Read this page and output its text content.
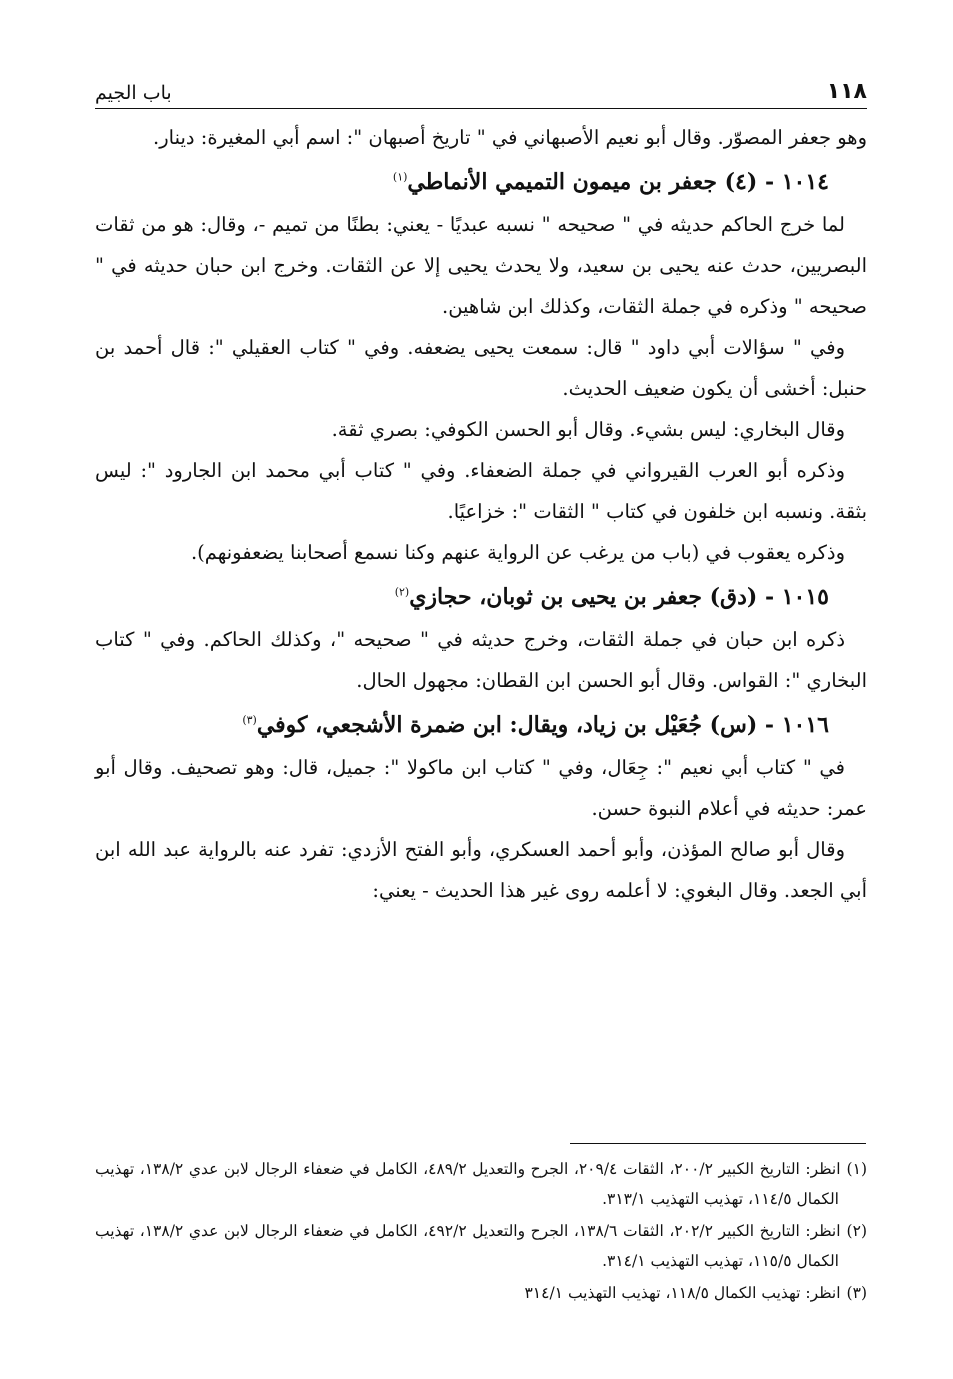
١١٨
باب الجيم

وهو جعفر المصوّر. وقال أبو نعيم الأصبهاني في " تاريخ أصبهان ": اسم أبي المغيرة: دينار.

١٠١٤ - (٤) جعفر بن ميمون التميمي الأنماطي$^{(١)}$

لما خرج الحاكم حديثه في " صحيحه " نسبه عبديًا - يعني: بطنًا من تميم -، وقال: هو من ثقات البصريين، حدث عنه يحيى بن سعيد، ولا يحدث يحيى إلا عن الثقات. وخرج ابن حبان حديثه في " صحيحه " وذكره في جملة الثقات، وكذلك ابن شاهين.

وفي " سؤالات أبي داود " قال: سمعت يحيى يضعفه. وفي " كتاب العقيلي ": قال أحمد بن حنبل: أخشى أن يكون ضعيف الحديث.

وقال البخاري: ليس بشيء. وقال أبو الحسن الكوفي: بصري ثقة.

وذكره أبو العرب القيرواني في جملة الضعفاء. وفي " كتاب أبي محمد ابن الجارود ": ليس بثقة. ونسبه ابن خلفون في كتاب " الثقات ": خزاعيًا.

وذكره يعقوب في (باب من يرغب عن الرواية عنهم وكنا نسمع أصحابنا يضعفونهم).

١٠١٥ - (دق) جعفر بن يحيى بن ثوبان، حجازي$^{(٢)}$

ذكره ابن حبان في جملة الثقات، وخرج حديثه في " صحيحه "، وكذلك الحاكم. وفي " كتاب البخاري ": القواس. وقال أبو الحسن ابن القطان: مجهول الحال.

١٠١٦ - (س) جُعَيْل بن زياد، ويقال: ابن ضمرة الأشجعي، كوفي$^{(٣)}$

في " كتاب أبي نعيم ": جِعَال، وفي " كتاب ابن ماكولا ": جميل، قال: وهو تصحيف. وقال أبو عمر: حديثه في أعلام النبوة حسن.

وقال أبو صالح المؤذن، وأبو أحمد العسكري، وأبو الفتح الأزدي: تفرد عنه بالرواية عبد الله ابن أبي الجعد. وقال البغوي: لا أعلمه روى غير هذا الحديث - يعني:

(١)انظر: التاريخ الكبير ٢٠٠/٢، الثقات ٢٠٩/٤، الجرح والتعديل ٤٨٩/٢، الكامل في ضعفاء الرجال لابن عدي ١٣٨/٢، تهذيب الكمال ١١٤/٥، تهذيب التهذيب ٣١٣/١.

(٢)انظر: التاريخ الكبير ٢٠٢/٢، الثقات ١٣٨/٦، الجرح والتعديل ٤٩٢/٢، الكامل في ضعفاء الرجال لابن عدي ١٣٨/٢، تهذيب الكمال ١١٥/٥، تهذيب التهذيب ٣١٤/١.

(٣)انظر: تهذيب الكمال ١١٨/٥، تهذيب التهذيب ٣١٤/١
